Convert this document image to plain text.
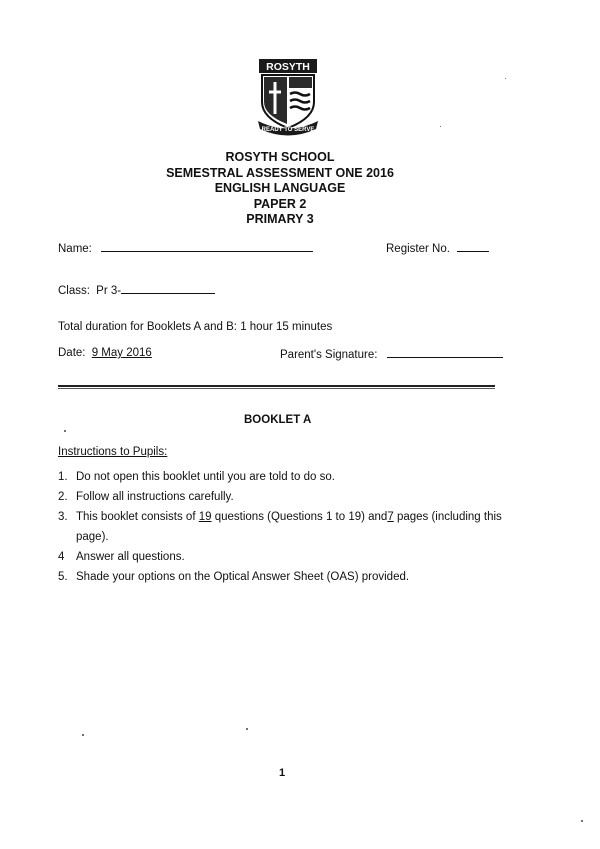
ROSYTH
READY TO SERVE
ROSYTH SCHOOL
SEMESTRAL ASSESSMENT ONE 2016
ENGLISH LANGUAGE
PAPER 2
PRIMARY 3
Name:	Register No.
Class: Pr 3-
Total duration for Booklets A and B: 1 hour 15 minutes
Date: 9 May 2016	Parent's Signature:
BOOKLET A
Instructions to Pupils:
1. Do not open this booklet until you are told to do so.
2. Follow all instructions carefully.
3. This booklet consists of 19 questions (Questions 1 to 19) and7 pages (including this page).
4 Answer all questions.
5. Shade your options on the Optical Answer Sheet (OAS) provided.
1
